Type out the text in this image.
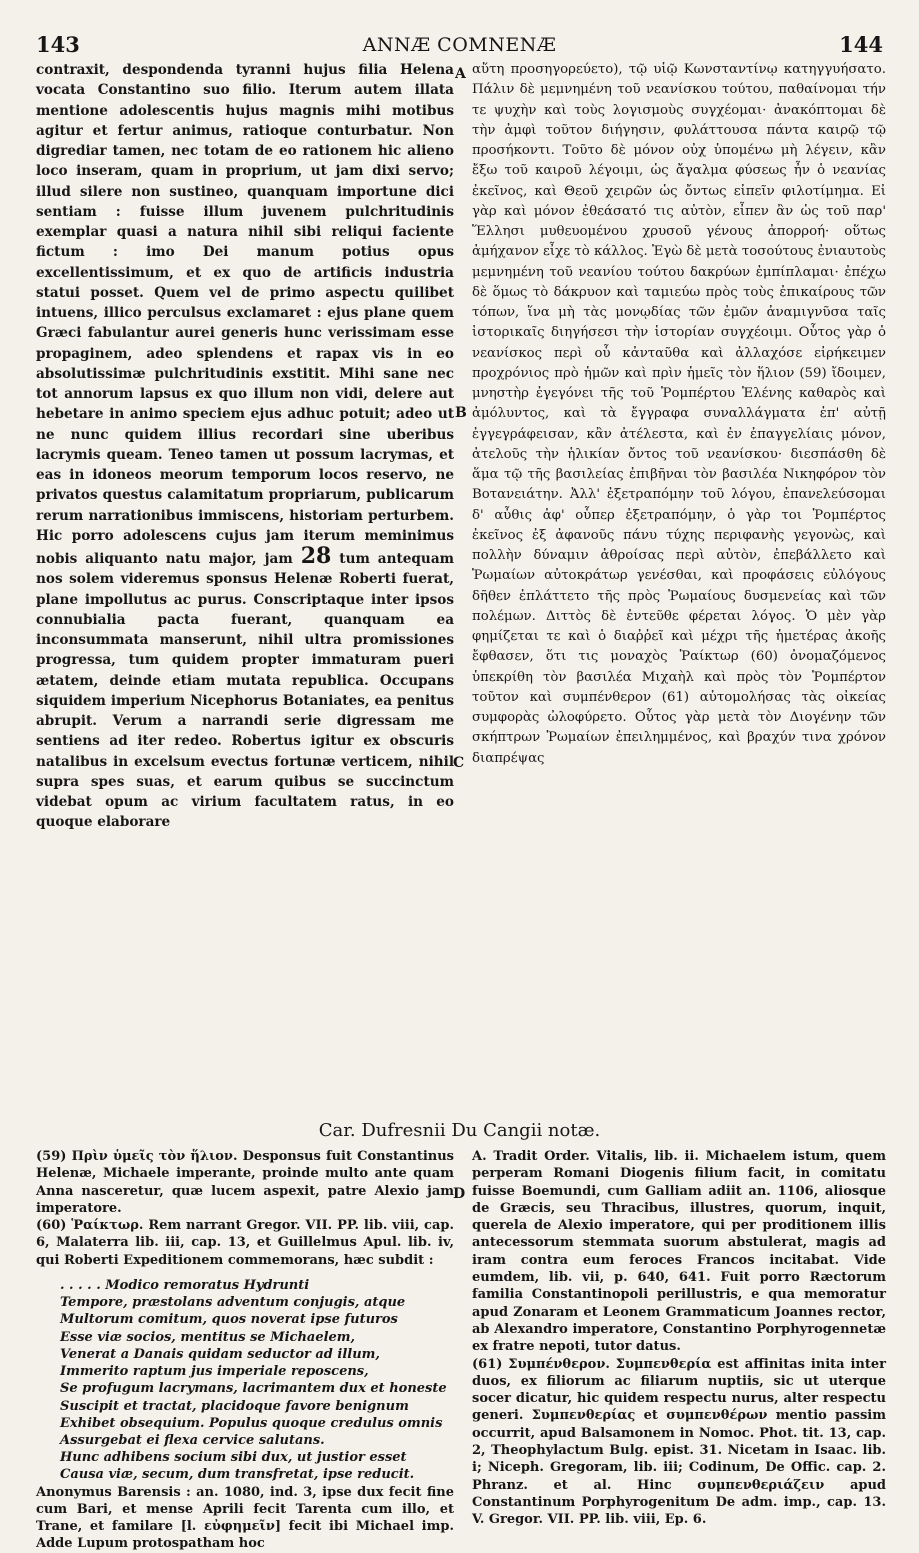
143	ANNÆ COMNENÆ	144

contraxit, despondenda tyranni hujus filia Helena vocata Constantino suo filio. Iterum autem illata mentione adolescentis hujus magnis mihi motibus agitur et fertur animus, ratioque conturbatur. Non digrediar tamen, nec totam de eo rationem hic alieno loco inseram, quam in proprium, ut jam dixi servo; illud silere non sustineo, quanquam importune dici sentiam : fuisse illum juvenem pulchritudinis exemplar quasi a natura nihil sibi reliqui faciente fictum : imo Dei manum potius opus excellentissimum, et ex quo de artificis industria statui posset. Quem vel de primo aspectu quilibet intuens, illico perculsus exclamaret : ejus plane quem Græci fabulantur aurei generis hunc verissimam esse propaginem, adeo splendens et rapax vis in eo absolutissimæ pulchritudinis exstitit. Mihi sane nec tot annorum lapsus ex quo illum non vidi, delere aut hebetare in animo speciem ejus adhuc potuit; adeo ut ne nunc quidem illius recordari sine uberibus lacrymis queam. Teneo tamen ut possum lacrymas, et eas in idoneos meorum temporum locos reservo, ne privatos questus calamitatum propriarum, publicarum rerum narrationibus immiscens, historiam perturbem. Hic porro adolescens cujus jam iterum meminimus nobis aliquanto natu major, jam 28 tum antequam nos solem videremus sponsus Helenæ Roberti fuerat, plane impollutus ac purus. Conscriptaque inter ipsos connubialia pacta fuerant, quanquam ea inconsummata manserunt, nihil ultra promissiones progressa, tum quidem propter immaturam pueri ætatem, deinde etiam mutata republica. Occupans siquidem imperium Nicephorus Botaniates, ea penitus abrupit. Verum a narrandi serie digressam me sentiens ad iter redeo. Robertus igitur ex obscuris natalibus in excelsum evectus fortunæ verticem, nihil supra spes suas, et earum quibus se succinctum videbat opum ac virium facultatem ratus, in eo quoque elaborare

A
B
C
D

αὕτη προσηγορεύετο), τῷ υἱῷ Κωνσταντίνῳ κατηγγυήσατο. Πάλιν δὲ μεμνημένη τοῦ νεανίσκου τούτου, παθαίνομαι τήν τε ψυχὴν καὶ τοὺς λογισμοὺς συγχέομαι· ἀνακόπτομαι δὲ τὴν ἀμφὶ τοῦτον διήγησιν, φυλάττουσα πάντα καιρῷ τῷ προσήκοντι. Τοῦτο δὲ μόνον οὐχ ὑπομένω μὴ λέγειν, κἂν ἔξω τοῦ καιροῦ λέγοιμι, ὡς ἄγαλμα φύσεως ἦν ὁ νεανίας ἐκεῖνος, καὶ Θεοῦ χειρῶν ὡς ὄντως εἰπεῖν φιλοτίμημα. Εἰ γὰρ καὶ μόνον ἐθεάσατό τις αὐτὸν, εἶπεν ἂν ὡς τοῦ παρ' Ἕλλησι μυθευομένου χρυσοῦ γένους ἀπορροή· οὕτως ἀμήχανον εἶχε τὸ κάλλος. Ἐγὼ δὲ μετὰ τοσούτους ἐνιαυτοὺς μεμνημένη τοῦ νεανίου τούτου δακρύων ἐμπίπλαμαι· ἐπέχω δὲ ὅμως τὸ δάκρυον καὶ ταμιεύω πρὸς τοὺς ἐπικαίρους τῶν τόπων, ἵνα μὴ τὰς μονῳδίας τῶν ἐμῶν ἀναμιγνῦσα ταῖς ἱστορικαῖς διηγήσεσι τὴν ἱστορίαν συγχέοιμι. Οὗτος γὰρ ὁ νεανίσκος περὶ οὗ κἀνταῦθα καὶ ἀλλαχόσε εἰρήκειμεν προχρόνιος πρὸ ἡμῶν καὶ πρὶν ἡμεῖς τὸν ἥλιον (59) ἴδοιμεν, μνηστὴρ ἐγεγόνει τῆς τοῦ Ῥομπέρτου Ἑλένης καθαρὸς καὶ ἀμόλυντος, καὶ τὰ ἔγγραφα συναλλάγματα ἐπ' αὐτῇ ἐγγεγράφεισαν, κἂν ἀτέλεστα, καὶ ἐν ἐπαγγελίαις μόνον, ἀτελοῦς τὴν ἡλικίαν ὄντος τοῦ νεανίσκου· διεσπάσθη δὲ ἅμα τῷ τῆς βασιλείας ἐπιβῆναι τὸν βασιλέα Νικηφόρον τὸν Βοτανειάτην. Ἀλλ' ἐξετραπόμην τοῦ λόγου, ἐπανελεύσομαι δ' αὖθις ἀφ' οὗπερ ἐξετραπόμην, ὁ γὰρ τοι Ῥομπέρτος ἐκεῖνος ἐξ ἀφανοῦς πάνυ τύχης περιφανὴς γεγονὼς, καὶ πολλὴν δύναμιν ἀθροίσας περὶ αὐτὸν, ἐπεβάλλετο καὶ Ῥωμαίων αὐτοκράτωρ γενέσθαι, καὶ προφάσεις εὐλόγους δῆθεν ἐπλάττετο τῆς πρὸς Ῥωμαίους δυσμενείας καὶ τῶν πολέμων. Διττὸς δὲ ἐντεῦθε φέρεται λόγος. Ὁ μὲν γὰρ φημίζεται τε καὶ ὁ διαῤῥεῖ καὶ μέχρι τῆς ἡμετέρας ἀκοῆς ἔφθασεν, ὅτι τις μοναχὸς Ῥαίκτωρ (60) ὀνομαζόμενος ὑπεκρίθη τὸν βασιλέα Μιχαὴλ καὶ πρὸς τὸν Ῥομπέρτον τοῦτον καὶ συμπένθερον (61) αὐτομολήσας τὰς οἰκείας συμφορὰς ὠλοφύρετο. Οὗτος γὰρ μετὰ τὸν Διογένην τῶν σκήπτρων Ῥωμαίων ἐπειλημμένος, καὶ βραχύν τινα χρόνον διαπρέψας

Car. Dufresnii Du Cangii notæ.

(59) Πρὶν ὑμεῖς τὸν ἥλιον. Desponsus fuit Constantinus Helenæ, Michaele imperante, proinde multo ante quam Anna nasceretur, quæ lucem aspexit, patre Alexio jam imperatore.

(60) Ῥαίκτωρ. Rem narrant Gregor. VII. PP. lib. viii, cap. 6, Malaterra lib. iii, cap. 13, et Guillelmus Apul. lib. iv, qui Roberti Expeditionem commemorans, hæc subdit :

. . . . . Modico remoratus Hydrunti
Tempore, præstolans adventum conjugis, atque
Multorum comitum, quos noverat ipse futuros
Esse viæ socios, mentitus se Michaelem,
Venerat a Danais quidam seductor ad illum,
Immerito raptum jus imperiale reposcens,
Se profugum lacrymans, lacrimantem dux et honeste
Suscipit et tractat, placidoque favore benignum
Exhibet obsequium. Populus quoque credulus omnis
Assurgebat ei flexa cervice salutans.
Hunc adhibens socium sibi dux, ut justior esset
Causa viæ, secum, dum transfretat, ipse reducit.

Anonymus Barensis : an. 1080, ind. 3, ipse dux fecit fine cum Bari, et mense Aprili fecit Tarenta cum illo, et Trane, et familare [l. εὐφημεῖν] fecit ibi Michael imp. Adde Lupum protospatham hoc

A. Tradit Order. Vitalis, lib. ii. Michaelem istum, quem perperam Romani Diogenis filium facit, in comitatu fuisse Boemundi, cum Galliam adiit an. 1106, aliosque de Græcis, seu Thracibus, illustres, quorum, inquit, querela de Alexio imperatore, qui per proditionem illis antecessorum stemmata suorum abstulerat, magis ad iram contra eum feroces Francos incitabat. Vide eumdem, lib. vii, p. 640, 641. Fuit porro Ræctorum familia Constantinopoli perillustris, e qua memoratur apud Zonaram et Leonem Grammaticum Joannes rector, ab Alexandro imperatore, Constantino Porphyrogennetæ ex fratre nepoti, tutor datus.

(61) Συμπένθερον. Συμπενθερία est affinitas inita inter duos, ex filiorum ac filiarum nuptiis, sic ut uterque socer dicatur, hic quidem respectu nurus, alter respectu generi. Συμπενθερίας et συμπενθέρων mentio passim occurrit, apud Balsamonem in Nomoc. Phot. tit. 13, cap. 2, Theophylactum Bulg. epist. 31. Nicetam in Isaac. lib. i; Niceph. Gregoram, lib. iii; Codinum, De Offic. cap. 2. Phranz. et al. Hinc συμπενθεριάζειν apud Constantinum Porphyrogenitum De adm. imp., cap. 13. V. Gregor. VII. PP. lib. viii, Ep. 6.
